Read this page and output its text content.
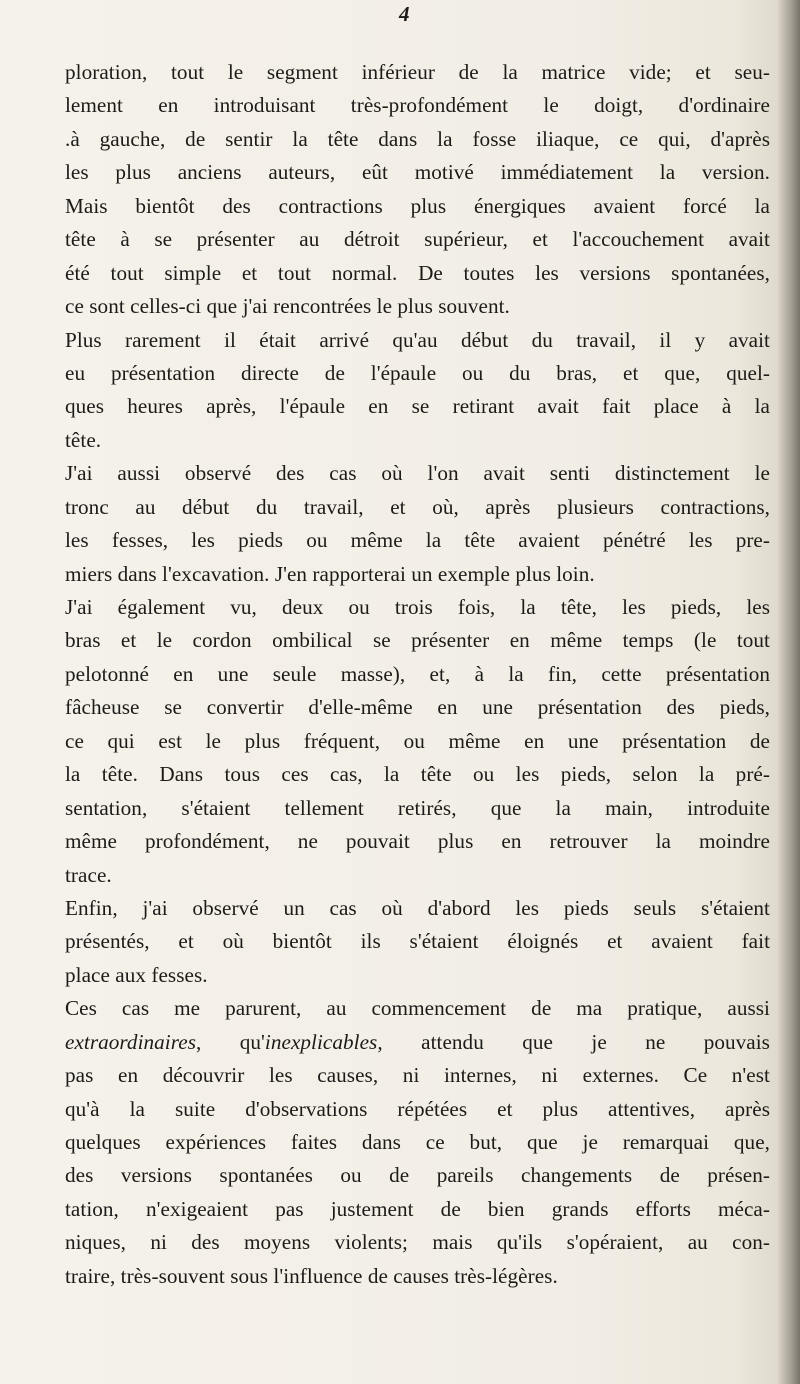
4
ploration, tout le segment inférieur de la matrice vide; et seu-
lement en introduisant très-profondément le doigt, d'ordinaire
.à gauche, de sentir la tête dans la fosse iliaque, ce qui, d'après
les plus anciens auteurs, eût motivé immédiatement la version.
Mais bientôt des contractions plus énergiques avaient forcé la
tête à se présenter au détroit supérieur, et l'accouchement avait
été tout simple et tout normal. De toutes les versions spontanées,
ce sont celles-ci que j'ai rencontrées le plus souvent.
Plus rarement il était arrivé qu'au début du travail, il y avait
eu présentation directe de l'épaule ou du bras, et que, quel-
ques heures après, l'épaule en se retirant avait fait place à la
tête.
J'ai aussi observé des cas où l'on avait senti distinctement le
tronc au début du travail, et où, après plusieurs contractions,
les fesses, les pieds ou même la tête avaient pénétré les pre-
miers dans l'excavation. J'en rapporterai un exemple plus loin.
J'ai également vu, deux ou trois fois, la tête, les pieds, les
bras et le cordon ombilical se présenter en même temps (le tout
pelotonné en une seule masse), et, à la fin, cette présentation
fâcheuse se convertir d'elle-même en une présentation des pieds,
ce qui est le plus fréquent, ou même en une présentation de
la tête. Dans tous ces cas, la tête ou les pieds, selon la pré-
sentation, s'étaient tellement retirés, que la main, introduite
même profondément, ne pouvait plus en retrouver la moindre
trace.
Enfin, j'ai observé un cas où d'abord les pieds seuls s'étaient
présentés, et où bientôt ils s'étaient éloignés et avaient fait
place aux fesses.
Ces cas me parurent, au commencement de ma pratique, aussi
extraordinaires, qu'inexplicables, attendu que je ne pouvais
pas en découvrir les causes, ni internes, ni externes. Ce n'est
qu'à la suite d'observations répétées et plus attentives, après
quelques expériences faites dans ce but, que je remarquai que,
des versions spontanées ou de pareils changements de présen-
tation, n'exigeaient pas justement de bien grands efforts méca-
niques, ni des moyens violents; mais qu'ils s'opéraient, au con-
traire, très-souvent sous l'influence de causes très-légères.
